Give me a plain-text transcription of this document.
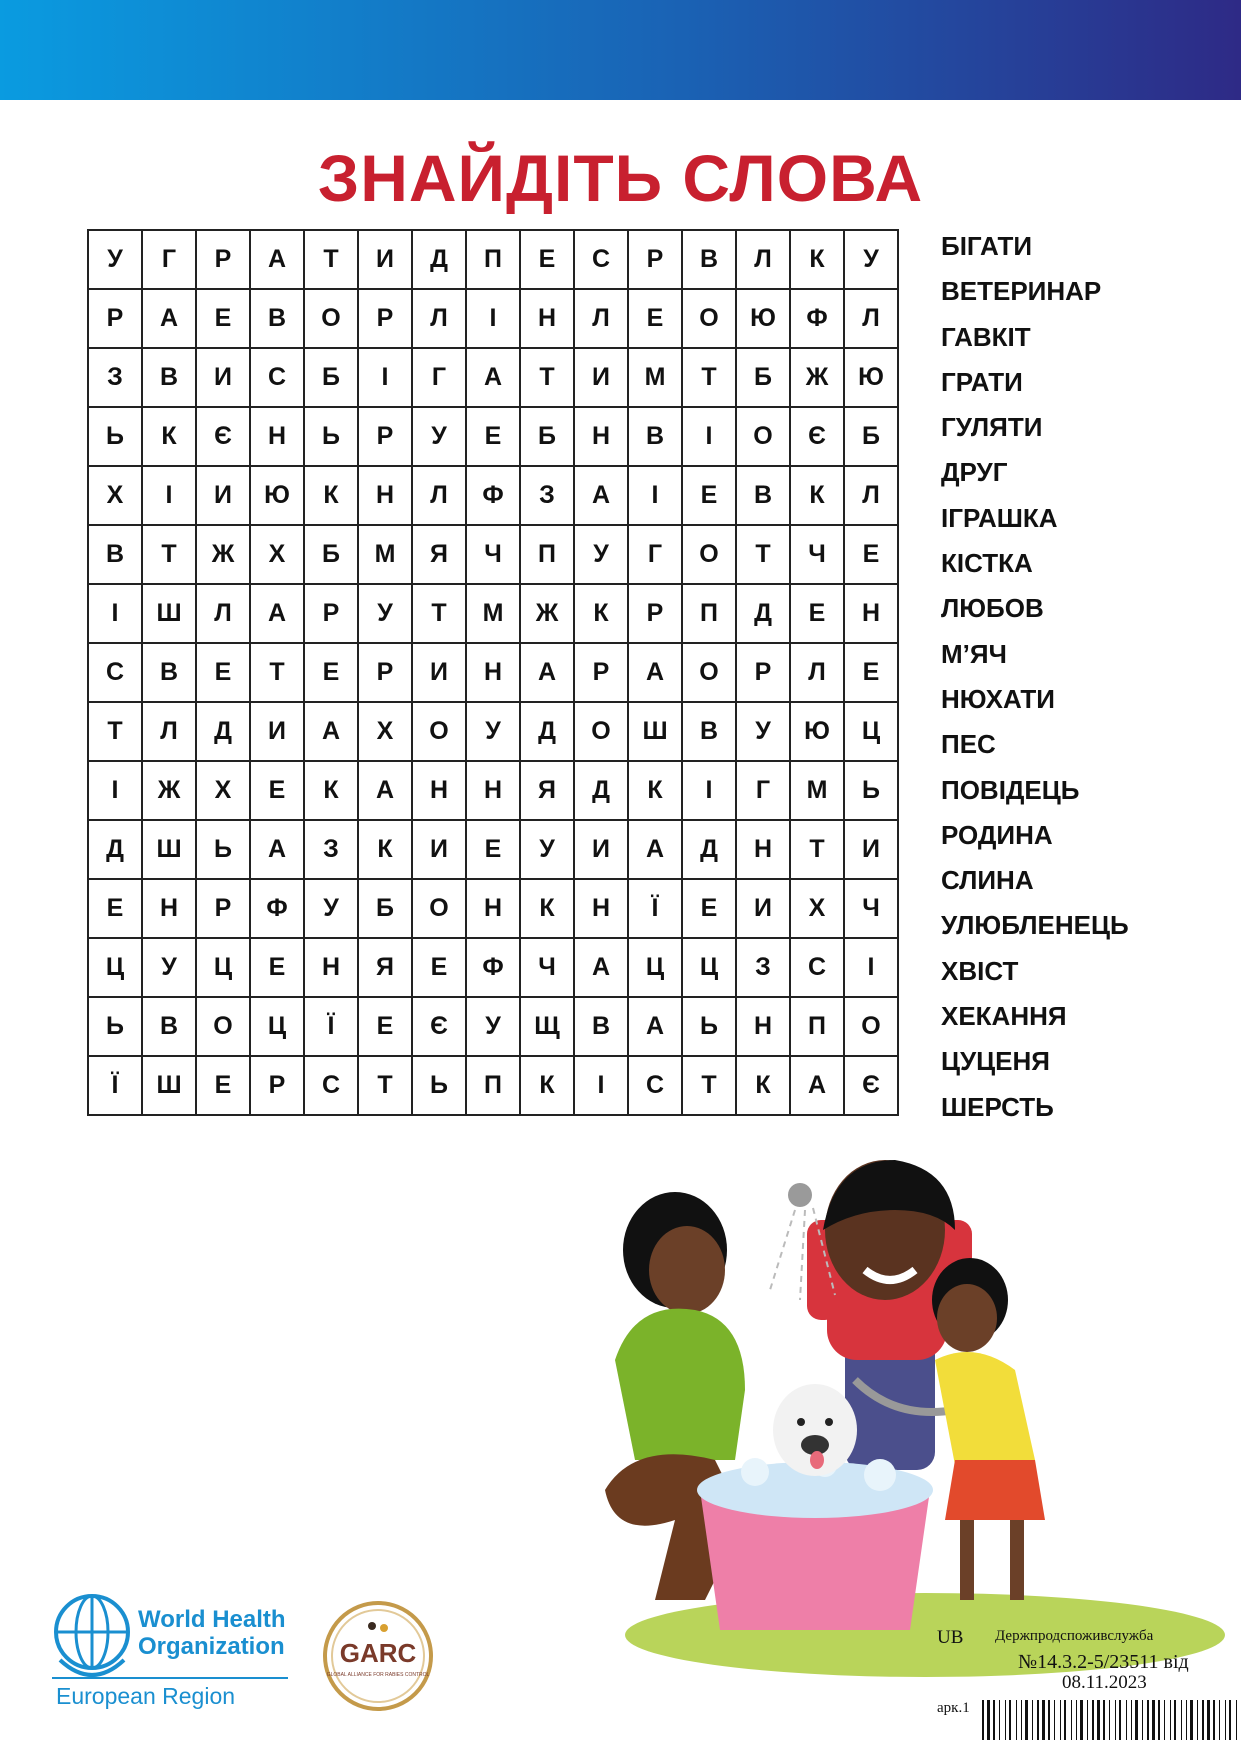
ЗНАЙДІТЬ СЛОВА
У	Г	Р	А	Т	И	Д	П	Е	С	Р	В	Л	К	У
Р	А	Е	В	О	Р	Л	І	Н	Л	Е	О	Ю	Ф	Л
З	В	И	С	Б	І	Г	А	Т	И	М	Т	Б	Ж	Ю
Ь	К	Є	Н	Ь	Р	У	Е	Б	Н	В	І	О	Є	Б
Х	І	И	Ю	К	Н	Л	Ф	З	А	І	Е	В	К	Л
В	Т	Ж	Х	Б	М	Я	Ч	П	У	Г	О	Т	Ч	Е
І	Ш	Л	А	Р	У	Т	М	Ж	К	Р	П	Д	Е	Н
С	В	Е	Т	Е	Р	И	Н	А	Р	А	О	Р	Л	Е
Т	Л	Д	И	А	Х	О	У	Д	О	Ш	В	У	Ю	Ц
І	Ж	Х	Е	К	А	Н	Н	Я	Д	К	І	Г	М	Ь
Д	Ш	Ь	А	З	К	И	Е	У	И	А	Д	Н	Т	И
Е	Н	Р	Ф	У	Б	О	Н	К	Н	Ї	Е	И	Х	Ч
Ц	У	Ц	Е	Н	Я	Е	Ф	Ч	А	Ц	Ц	З	С	І
Ь	В	О	Ц	Ї	Е	Є	У	Щ	В	А	Ь	Н	П	О
Ї	Ш	Е	Р	С	Т	Ь	П	К	І	С	Т	К	А	Є
БІГАТИ
ВЕТЕРИНАР
ГАВКІТ
ГРАТИ
ГУЛЯТИ
ДРУГ
ІГРАШКА
КІСТКА
ЛЮБОВ
М’ЯЧ
НЮХАТИ
ПЕС
ПОВІДЕЦЬ
РОДИНА
СЛИНА
УЛЮБЛЕНЕЦЬ
ХВІСТ
ХЕКАННЯ
ЦУЦЕНЯ
ШЕРСТЬ
World Health
Organization
European Region
GARC
GLOBAL ALLIANCE FOR RABIES CONTROL
UB Держпродспоживслужба
№14.3.2-5/23511 від
08.11.2023
арк.1
